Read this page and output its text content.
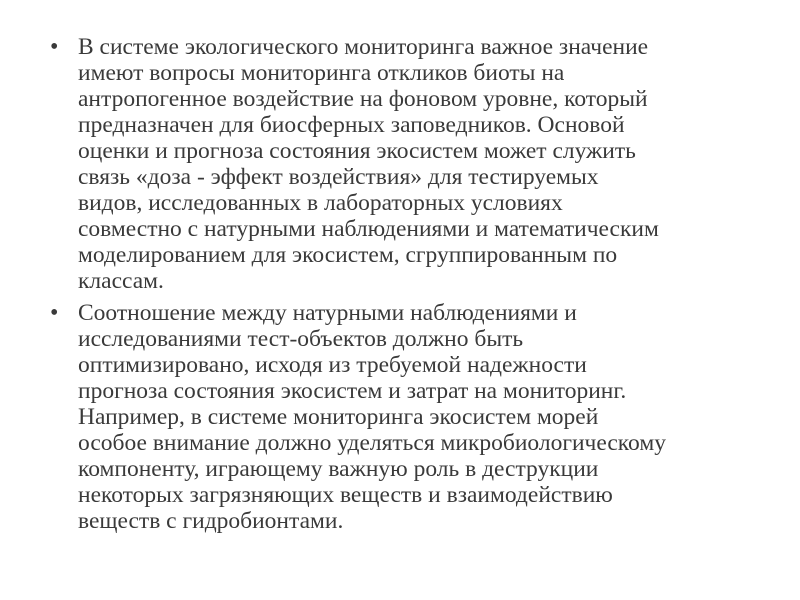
• В системе экологического мониторинга важное значение
имеют вопросы мониторинга откликов биоты на
антропогенное воздействие на фоновом уровне, который
предназначен для биосферных заповедников. Основой
оценки и прогноза состояния экосистем может служить
связь «доза - эффект воздействия» для тестируемых
видов, исследованных в лабораторных условиях
совместно с натурными наблюдениями и математическим
моделированием для экосистем, сгруппированным по
классам.
• Соотношение между натурными наблюдениями и
исследованиями тест-объектов должно быть
оптимизировано, исходя из требуемой надежности
прогноза состояния экосистем и затрат на мониторинг.
Например, в системе мониторинга экосистем морей
особое внимание должно уделяться микробиологическому
компоненту, играющему важную роль в деструкции
некоторых загрязняющих веществ и взаимодействию
веществ с гидробионтами.
